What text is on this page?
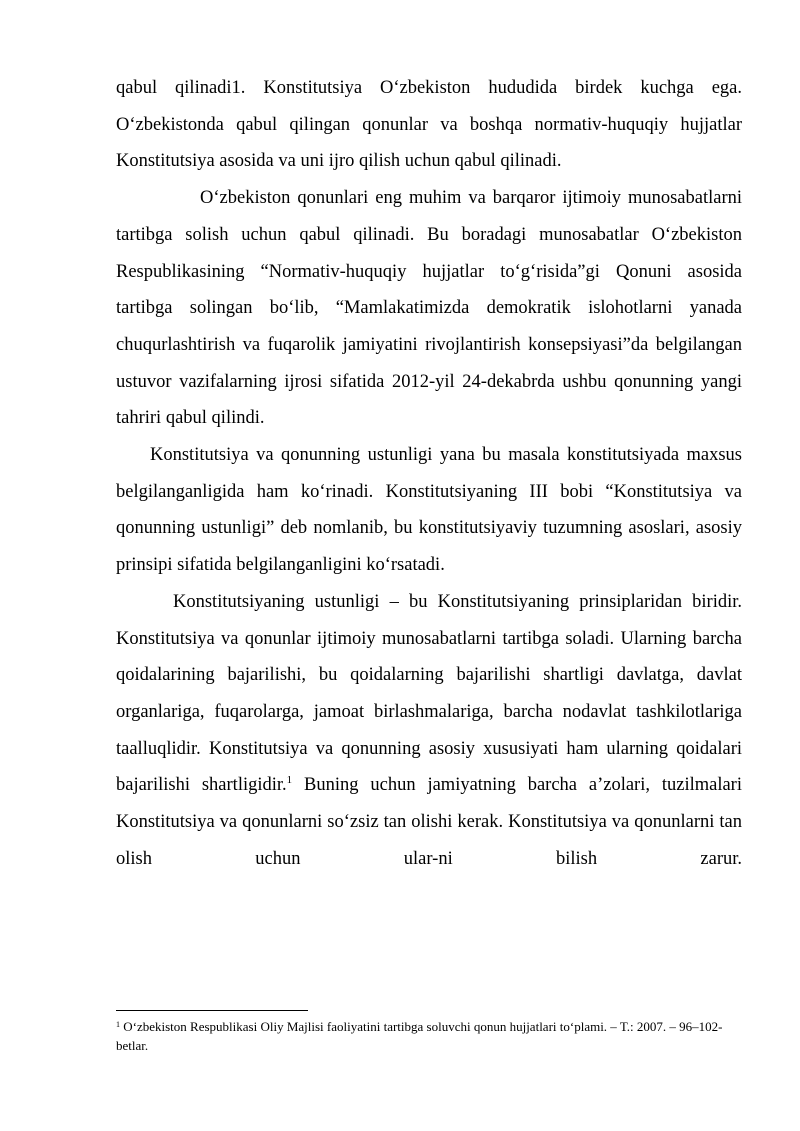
qabul qilinadi1. Konstitutsiya O‘zbekiston hududida birdek kuchga ega. O‘zbekistonda qabul qilingan qonunlar va boshqa normativ-huquqiy hujjatlar Konstitutsiya asosida va uni ijro qilish uchun qabul qilinadi.

O‘zbekiston qonunlari eng muhim va barqaror ijtimoiy munosabatlarni tartibga solish uchun qabul qilinadi. Bu boradagi munosabatlar O‘zbekiston Respublikasining “Normativ-huquqiy hujjatlar to‘g‘risida”gi Qonuni asosida tartibga solingan bo‘lib, “Mamlakatimizda demokratik islohotlarni yanada chuqurlashtirish va fuqarolik jamiyatini rivojlantirish konsepsiyasi”da belgilangan ustuvor vazifalarning ijrosi sifatida 2012-yil 24-dekabrda ushbu qonunning yangi tahriri qabul qilindi.

Konstitutsiya va qonunning ustunligi yana bu masala konstitutsiyada maxsus belgilanganligida ham ko‘rinadi. Konstitutsiyaning III bobi “Konstitutsiya va qonunning ustunligi” deb nomlanib, bu konstitutsiyaviy tuzumning asoslari, asosiy prinsipi sifatida belgilanganligini ko‘rsatadi.

Konstitutsiyaning ustunligi – bu Konstitutsiyaning prinsiplaridan biridir. Konstitutsiya va qonunlar ijtimoiy munosabatlarni tartibga soladi. Ularning barcha qoidalarining bajarilishi, bu qoidalarning bajarilishi shartligi davlatga, davlat organlariga, fuqarolarga, jamoat birlashmalariga, barcha nodavlat tashkilotlariga taalluqlidir. Konstitutsiya va qonunning asosiy xususiyati ham ularning qoidalari bajarilishi shartligidir.$^1$ Buning uchun jamiyatning barcha a’zolari, tuzilmalari Konstitutsiya va qonunlarni so‘zsiz tan olishi kerak. Konstitutsiya va qonunlarni tan olish uchun ular-ni bilish zarur.

$^1$ O‘zbekiston Respublikasi Oliy Majlisi faoliyatini tartibga soluvchi qonun hujjatlari to‘plami. – T.: 2007. – 96–102-betlar.
